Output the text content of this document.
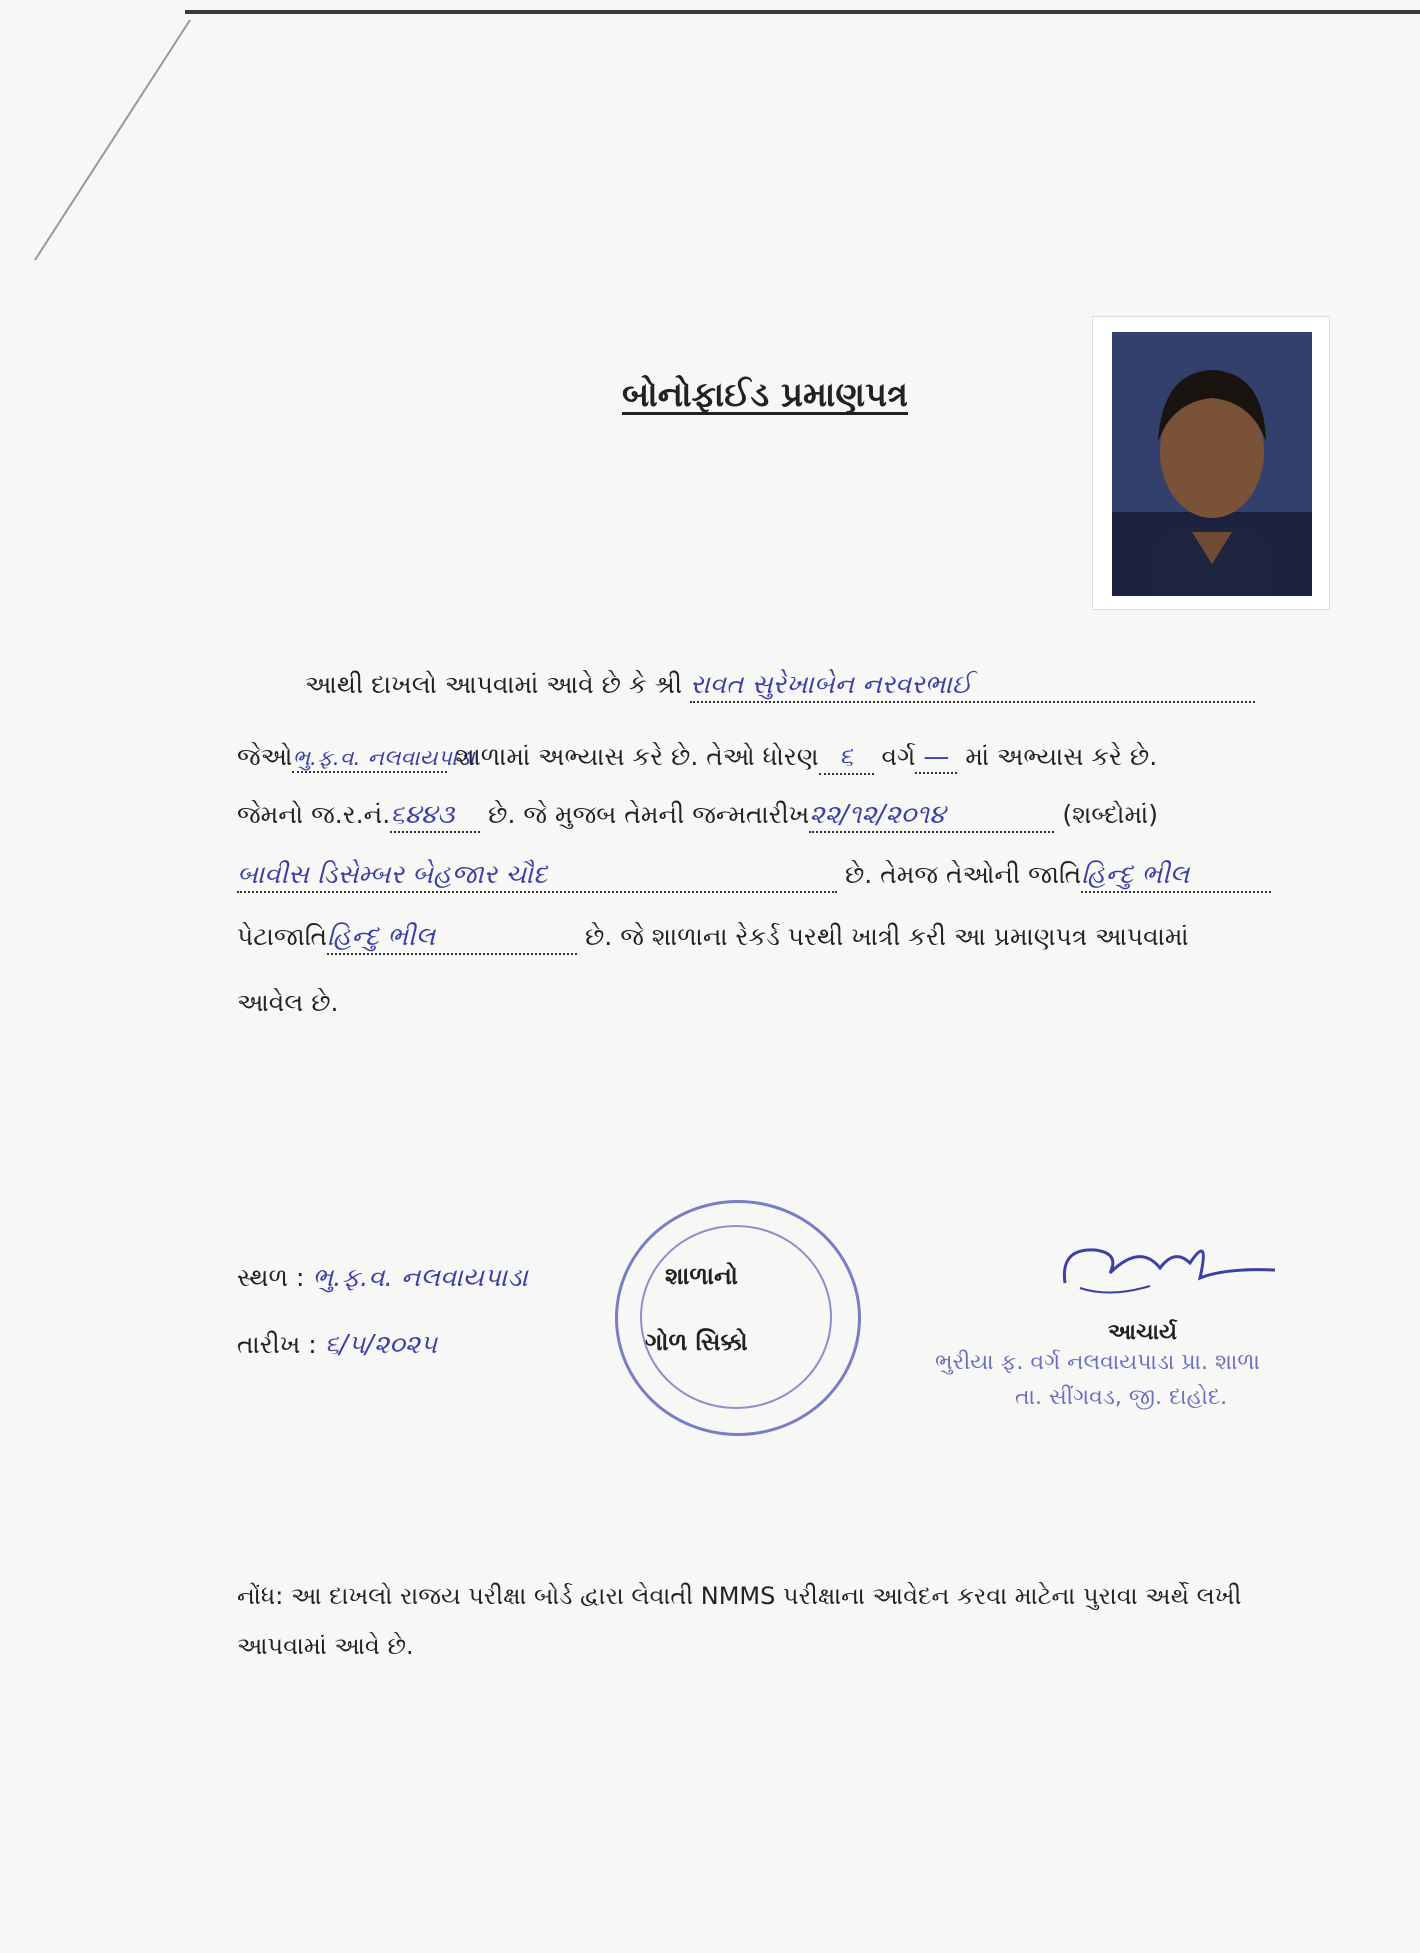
બોનોફાઈડ પ્રમાણપત્ર
આથી દાખલો આપવામાં આવે છે કે શ્રી રાવત સુરેખાબેન નરવરભાઈ
જેઓભુ.ફ.વ. નલવાયપાડા શાળામાં અભ્યાસ કરે છે. તેઓ ધોરણ ૬ વર્ગ — માં અભ્યાસ કરે છે.
જેમનો જ.ર.નં.૬૪૪૩ છે. જે મુજબ તેમની જન્મતારીખ૨૨/૧૨/૨૦૧૪	(શબ્દોમાં)
બાવીસ ડિસેમ્બર બેહજાર ચૌદ	છે. તેમજ તેઓની જાતિહિન્દુ ભીલ
પેટાજાતિહિન્દુ ભીલ	છે. જે શાળાના રેકર્ડ પરથી ખાત્રી કરી આ પ્રમાણપત્ર આપવામાં
આવેલ છે.
સ્થળ : ભુ.ફ.વ. નલવાયપાડા
તારીખ : ૬/૫/૨૦૨૫
શાળાનો
ગોળ સિક્કો	આચાર્ય
ભુરીયા ફ. વર્ગ નલવાયપાડા પ્રા. શાળા
તા. સીંગવડ, જી. દાહોદ.
નોંધ: આ દાખલો રાજય પરીક્ષા બોર્ડ દ્વારા લેવાતી NMMS પરીક્ષાના આવેદન કરવા માટેના પુરાવા અર્થે લખી
આપવામાં આવે છે.
